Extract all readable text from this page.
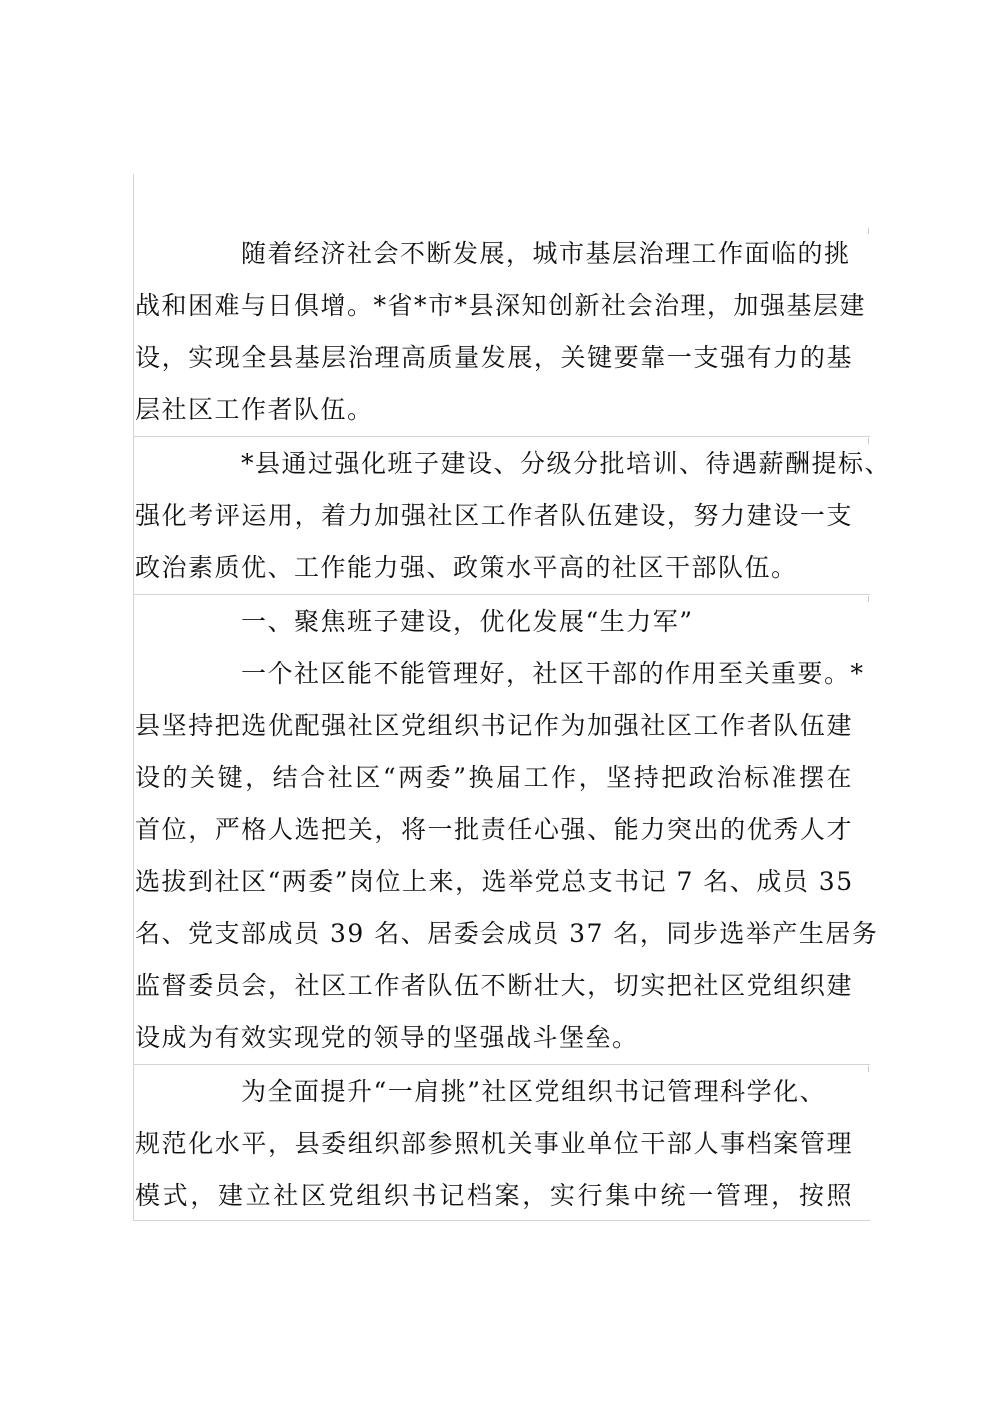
随着经济社会不断发展，城市基层治理工作面临的挑
战和困难与日俱增。*省*市*县深知创新社会治理，加强基层建
设，实现全县基层治理高质量发展，关键要靠一支强有力的基
层社区工作者队伍。
*县通过强化班子建设、分级分批培训、待遇薪酬提标、
强化考评运用，着力加强社区工作者队伍建设，努力建设一支
政治素质优、工作能力强、政策水平高的社区干部队伍。
一、聚焦班子建设，优化发展“生力军”
一个社区能不能管理好，社区干部的作用至关重要。*
县坚持把选优配强社区党组织书记作为加强社区工作者队伍建
设的关键，结合社区“两委”换届工作，坚持把政治标准摆在
首位，严格人选把关，将一批责任心强、能力突出的优秀人才
选拔到社区“两委”岗位上来，选举党总支书记 7 名、成员 35
名、党支部成员 39 名、居委会成员 37 名，同步选举产生居务
监督委员会，社区工作者队伍不断壮大，切实把社区党组织建
设成为有效实现党的领导的坚强战斗堡垒。
为全面提升“一肩挑”社区党组织书记管理科学化、
规范化水平，县委组织部参照机关事业单位干部人事档案管理
模式，建立社区党组织书记档案，实行集中统一管理，按照
